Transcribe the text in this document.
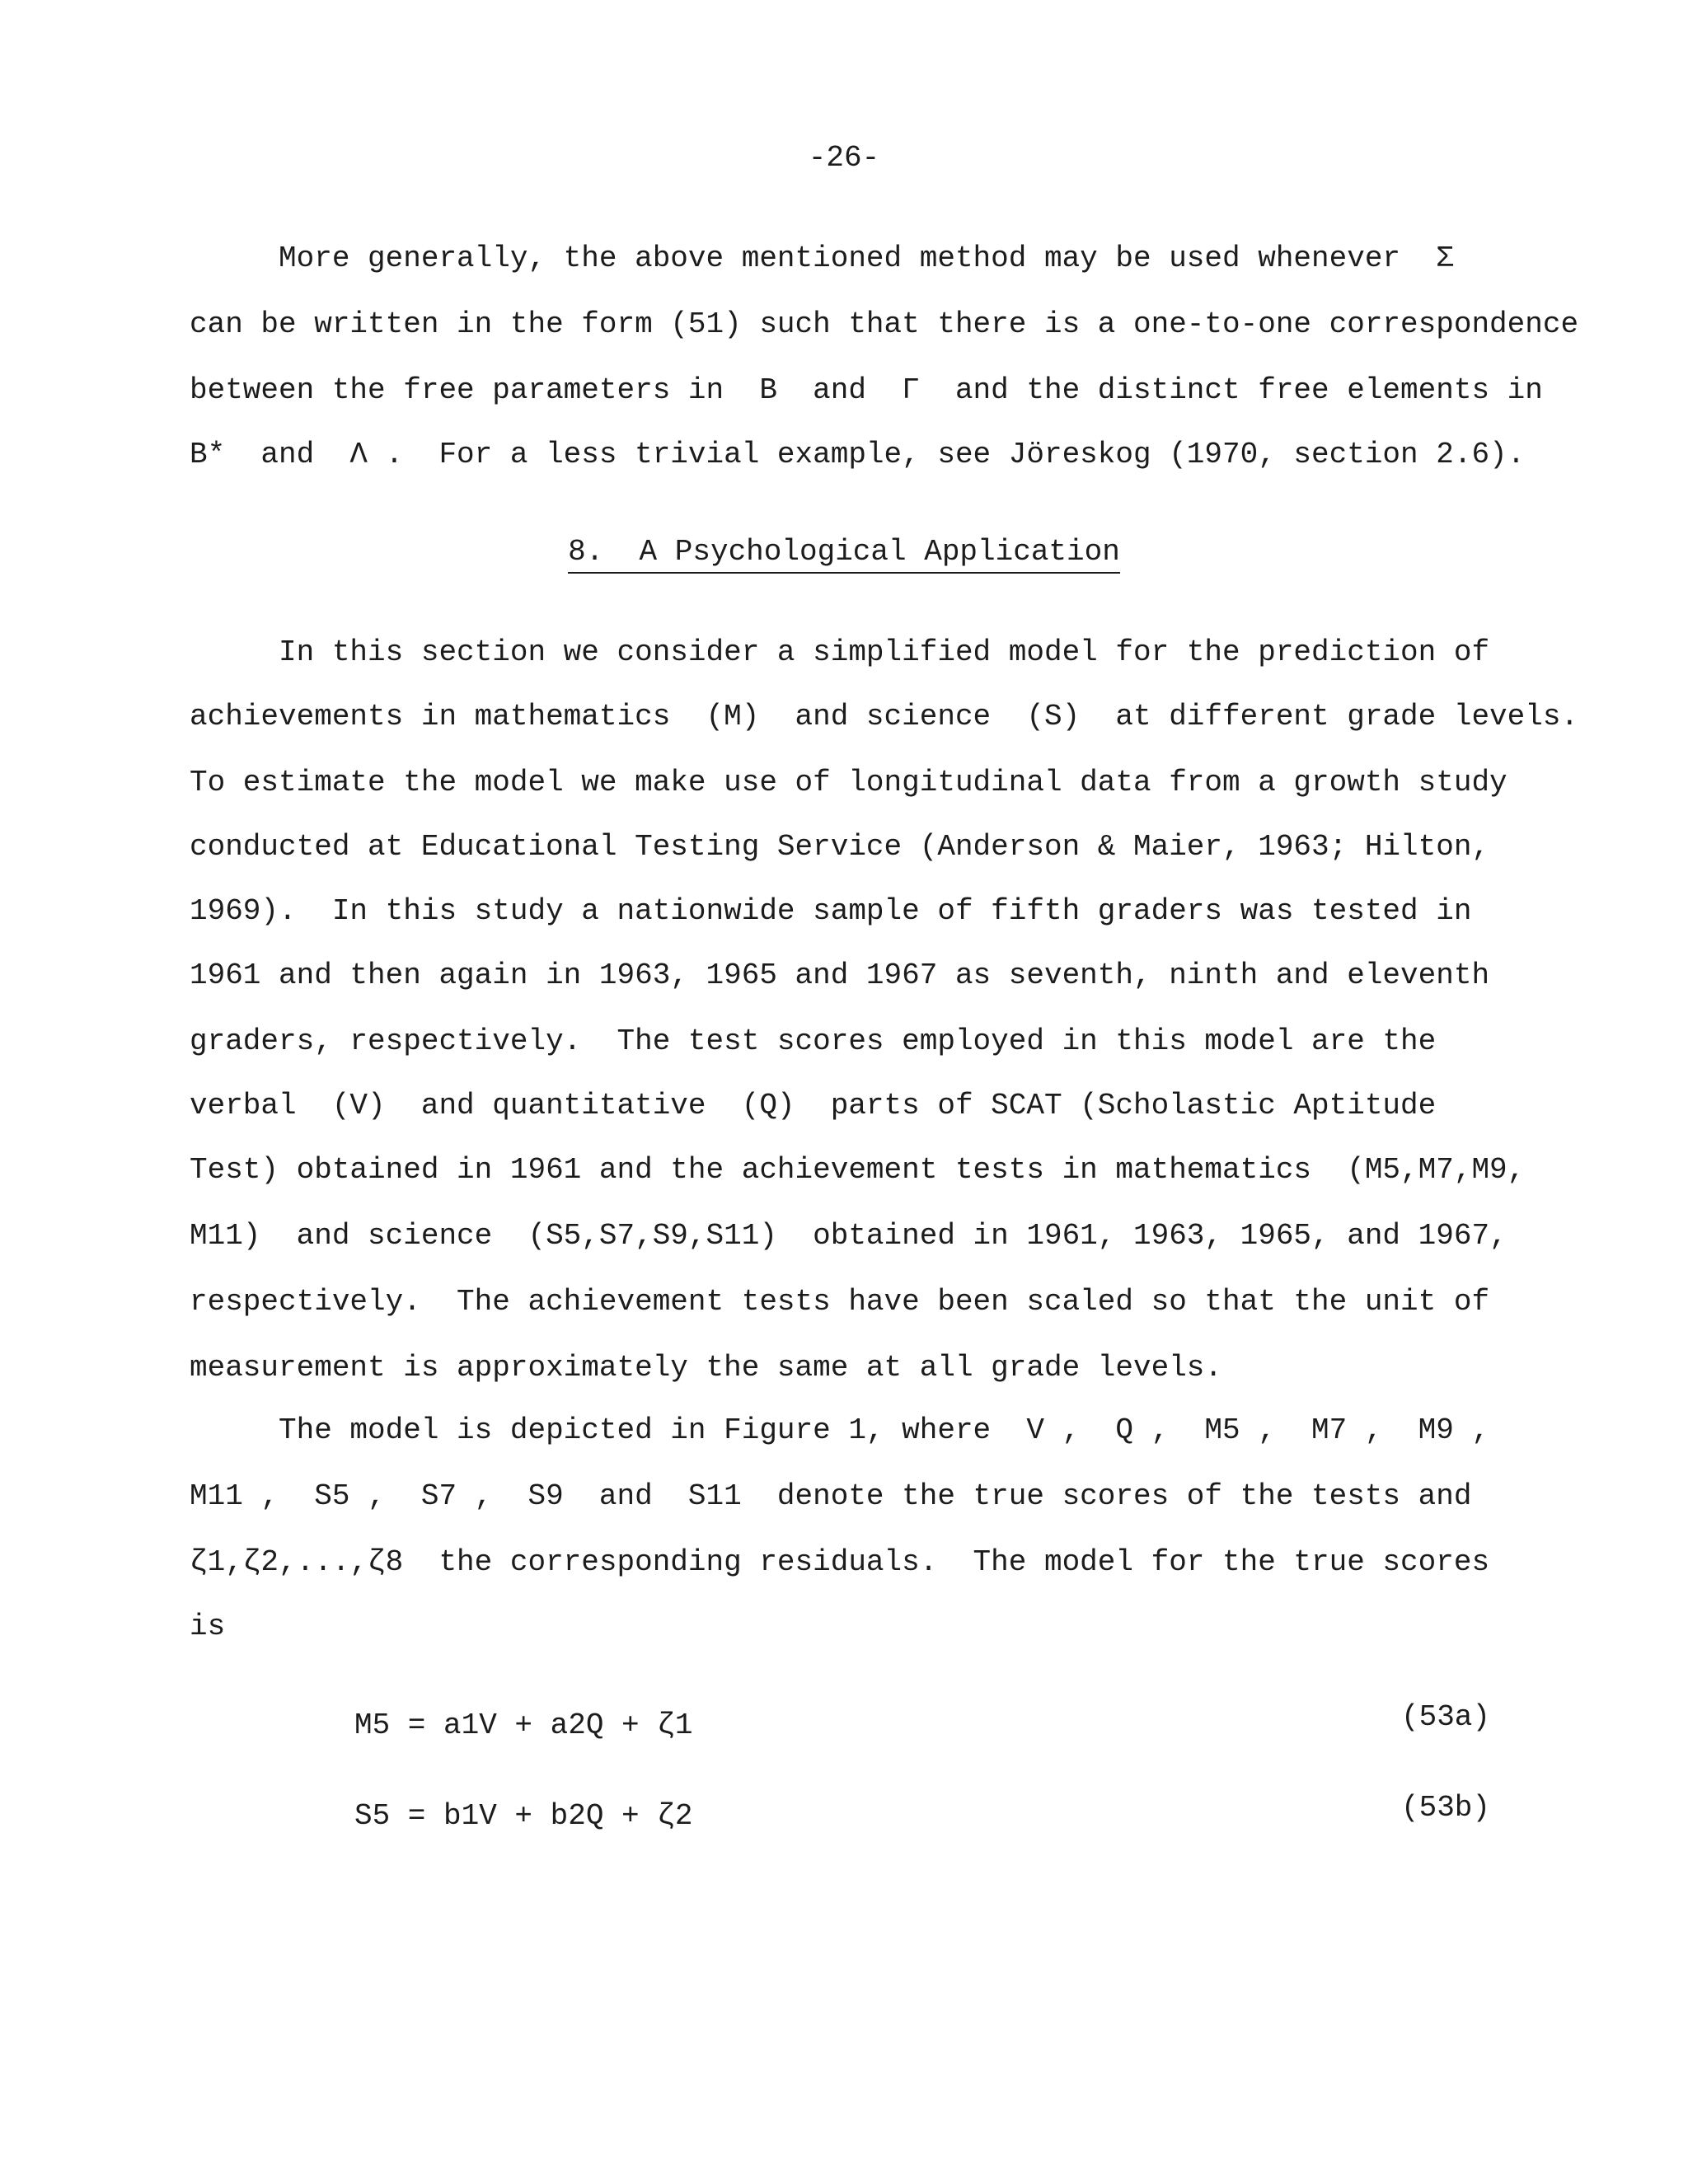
-26-
More generally, the above mentioned method may be used whenever  Σ
can be written in the form (51) such that there is a one-to-one correspondence
between the free parameters in  B  and  Γ  and the distinct free elements in
B*  and  Λ .  For a less trivial example, see Jöreskog (1970, section 2.6).
8.  A Psychological Application
In this section we consider a simplified model for the prediction of
achievements in mathematics  (M)  and science  (S)  at different grade levels.
To estimate the model we make use of longitudinal data from a growth study
conducted at Educational Testing Service (Anderson & Maier, 1963; Hilton,
1969).  In this study a nationwide sample of fifth graders was tested in
1961 and then again in 1963, 1965 and 1967 as seventh, ninth and eleventh
graders, respectively.  The test scores employed in this model are the
verbal  (V)  and quantitative  (Q)  parts of SCAT (Scholastic Aptitude
Test) obtained in 1961 and the achievement tests in mathematics  (M5,M7,M9,
M11)  and science  (S5,S7,S9,S11)  obtained in 1961, 1963, 1965, and 1967,
respectively.  The achievement tests have been scaled so that the unit of
measurement is approximately the same at all grade levels.
The model is depicted in Figure 1, where  V ,  Q ,  M5 ,  M7 ,  M9 ,
M11 ,  S5 ,  S7 ,  S9  and  S11  denote the true scores of the tests and
ζ1,ζ2,...,ζ8  the corresponding residuals.  The model for the true scores
is
M5 = a1V + a2Q + ζ1	(53a)
S5 = b1V + b2Q + ζ2	(53b)
